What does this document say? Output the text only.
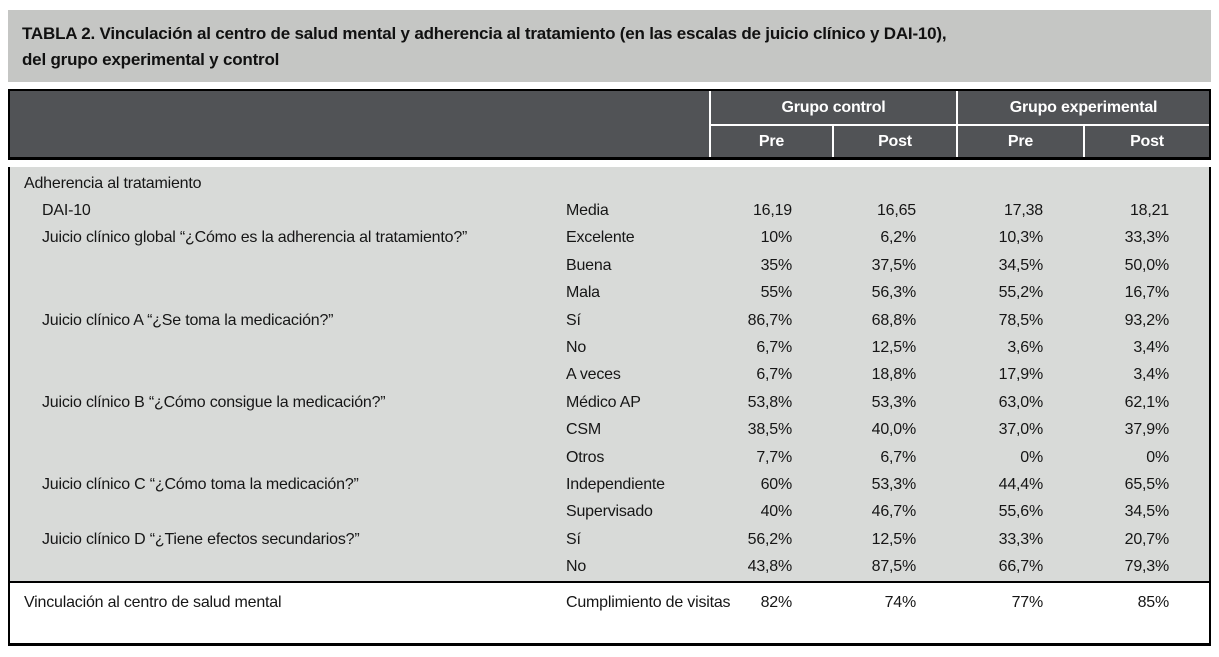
TABLA 2. Vinculación al centro de salud mental y adherencia al tratamiento (en las escalas de juicio clínico y DAI-10),
del grupo experimental y control
Grupo control	Grupo experimental
Pre	Post	Pre	Post
Adherencia al tratamiento
DAI-10	Media	16,19	16,65	17,38	18,21
Juicio clínico global “¿Cómo es la adherencia al tratamiento?”	Excelente	10%	6,2%	10,3%	33,3%
Buena	35%	37,5%	34,5%	50,0%
Mala	55%	56,3%	55,2%	16,7%
Juicio clínico A “¿Se toma la medicación?”	Sí	86,7%	68,8%	78,5%	93,2%
No	6,7%	12,5%	3,6%	3,4%
A veces	6,7%	18,8%	17,9%	3,4%
Juicio clínico B “¿Cómo consigue la medicación?”	Médico AP	53,8%	53,3%	63,0%	62,1%
CSM	38,5%	40,0%	37,0%	37,9%
Otros	7,7%	6,7%	0%	0%
Juicio clínico C “¿Cómo toma la medicación?”	Independiente	60%	53,3%	44,4%	65,5%
Supervisado	40%	46,7%	55,6%	34,5%
Juicio clínico D “¿Tiene efectos secundarios?”	Sí	56,2%	12,5%	33,3%	20,7%
No	43,8%	87,5%	66,7%	79,3%
Vinculación al centro de salud mental	Cumplimiento de visitas	82%	74%	77%	85%
